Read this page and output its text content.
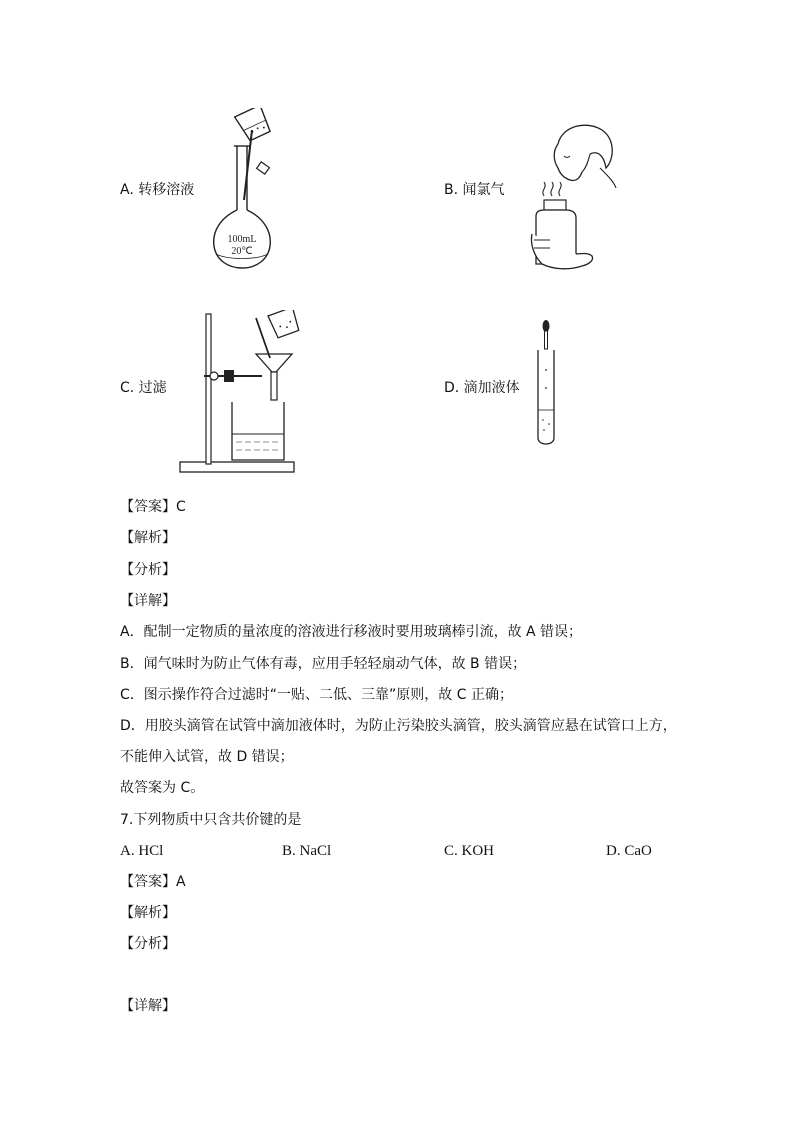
A. 转移溶液
100mL
20℃
B. 闻氯气
C. 过滤	D. 滴加液体
【答案】C
【解析】
【分析】
【详解】
A．配制一定物质的量浓度的溶液进行移液时要用玻璃棒引流，故 A 错误；
B．闻气味时为防止气体有毒，应用手轻轻扇动气体，故 B 错误；
C．图示操作符合过滤时“一贴、二低、三靠”原则，故 C 正确；
D．用胶头滴管在试管中滴加液体时，为防止污染胶头滴管，胶头滴管应悬在试管口上方，
不能伸入试管，故 D 错误；
故答案为 C。
7.下列物质中只含共价键的是
A. HCl	B. NaCl	C. KOH	D. CaO
【答案】A
【解析】
【分析】
【详解】
